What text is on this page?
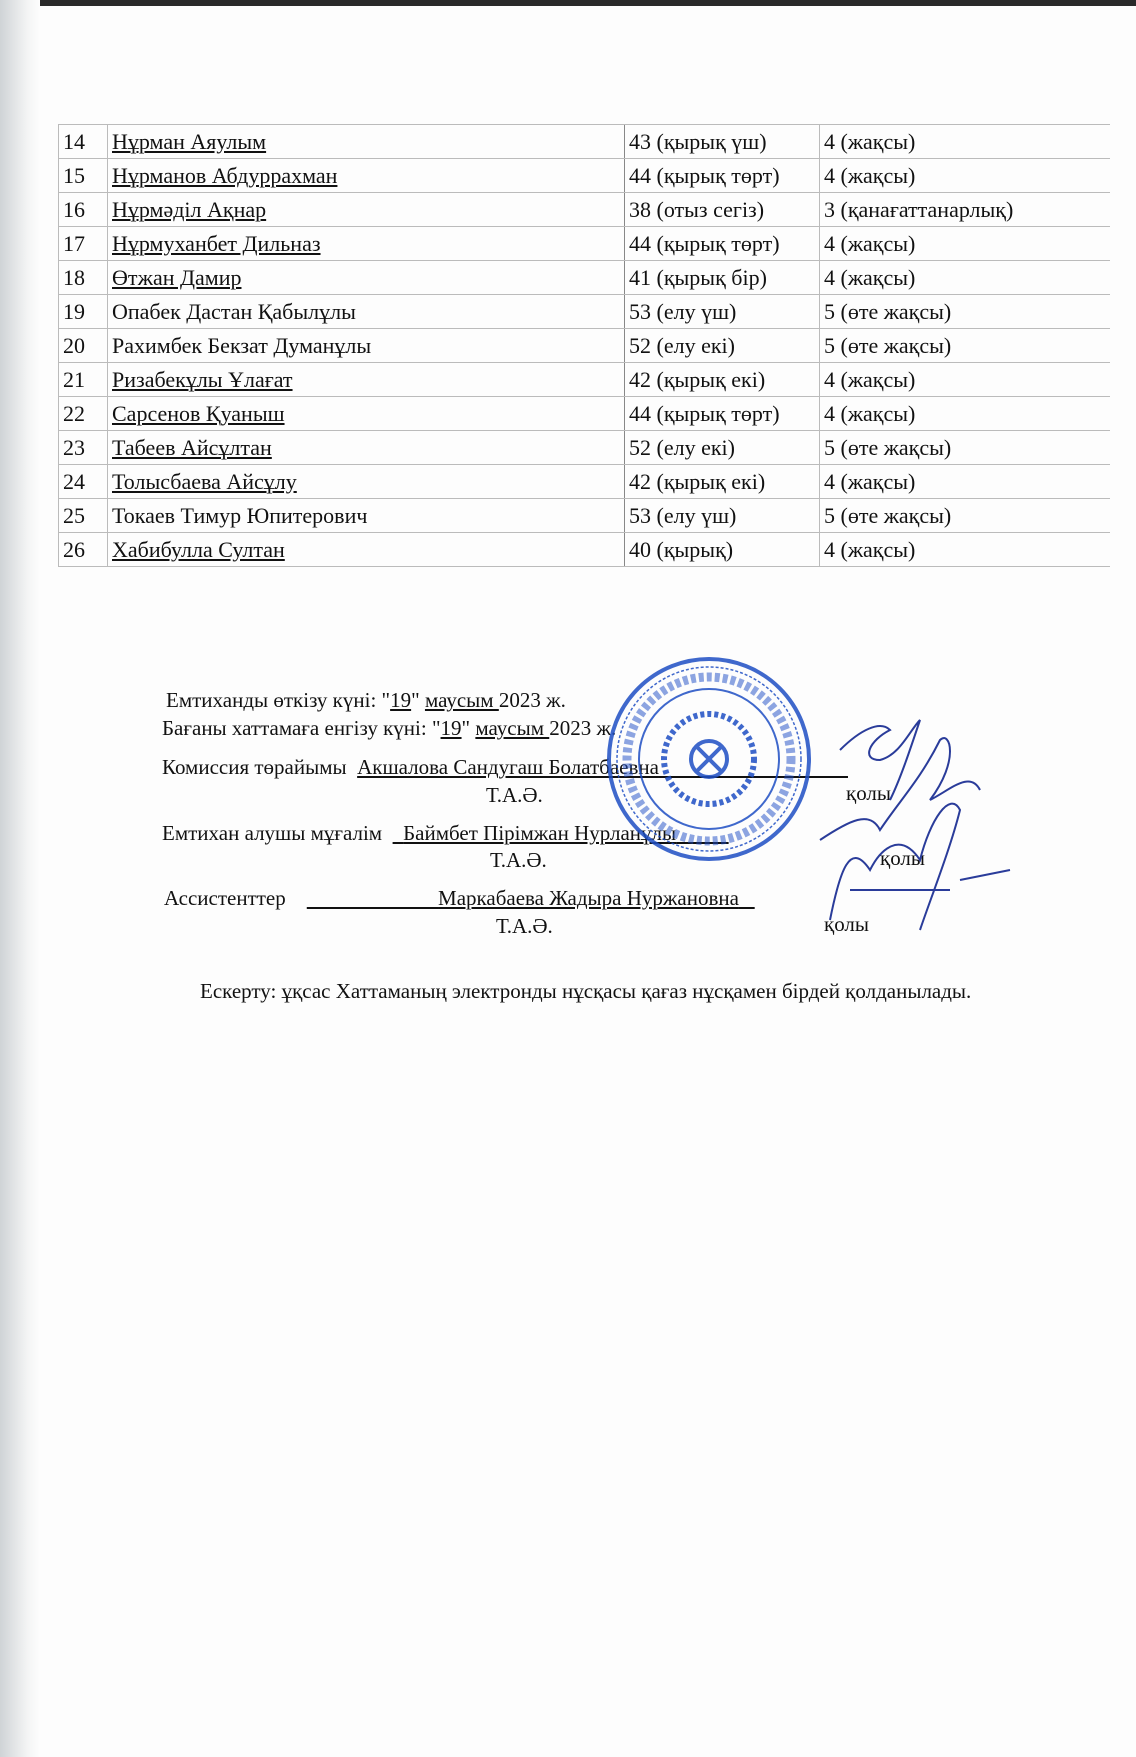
14	Нұрман Аяулым	43 (қырық үш)	4 (жақсы)
15	Нұрманов Абдуррахман	44 (қырық төрт)	4 (жақсы)
16	Нұрмәділ Ақнар	38 (отыз сегіз)	3 (қанағаттанарлық)
17	Нұрмуханбет Дильназ	44 (қырық төрт)	4 (жақсы)
18	Өтжан Дамир	41 (қырық бір)	4 (жақсы)
19	Опабек Дастан Қабылұлы	53 (елу үш)	5 (өте жақсы)
20	Рахимбек Бекзат Думанұлы	52 (елу екі)	5 (өте жақсы)
21	Ризабекұлы Ұлағат	42 (қырық екі)	4 (жақсы)
22	Сарсенов Қуаныш	44 (қырық төрт)	4 (жақсы)
23	Табеев Айсұлтан	52 (елу екі)	5 (өте жақсы)
24	Толысбаева Айсұлу	42 (қырық екі)	4 (жақсы)
25	Токаев Тимур Юпитерович	53 (елу үш)	5 (өте жақсы)
26	Хабибулла Султан	40 (қырық)	4 (жақсы)
Емтиханды өткізу күні: "19" маусым 2023 ж.
Бағаны хаттамаға енгізу күні: "19" маусым 2023 ж.
Комиссия төрайымы Акшалова Сандугаш Болатбаевна
Т.А.Ә.	қолы
Емтихан алушы мұғалім Баймбет Пірімжан Нурланұлы
Т.А.Ә.	қолы
Ассистенттер	Маркабаева Жадыра Нуржановна
Т.А.Ә.	қолы
Ескерту: ұқсас Хаттаманың электронды нұсқасы қағаз нұсқамен бірдей қолданылады.
